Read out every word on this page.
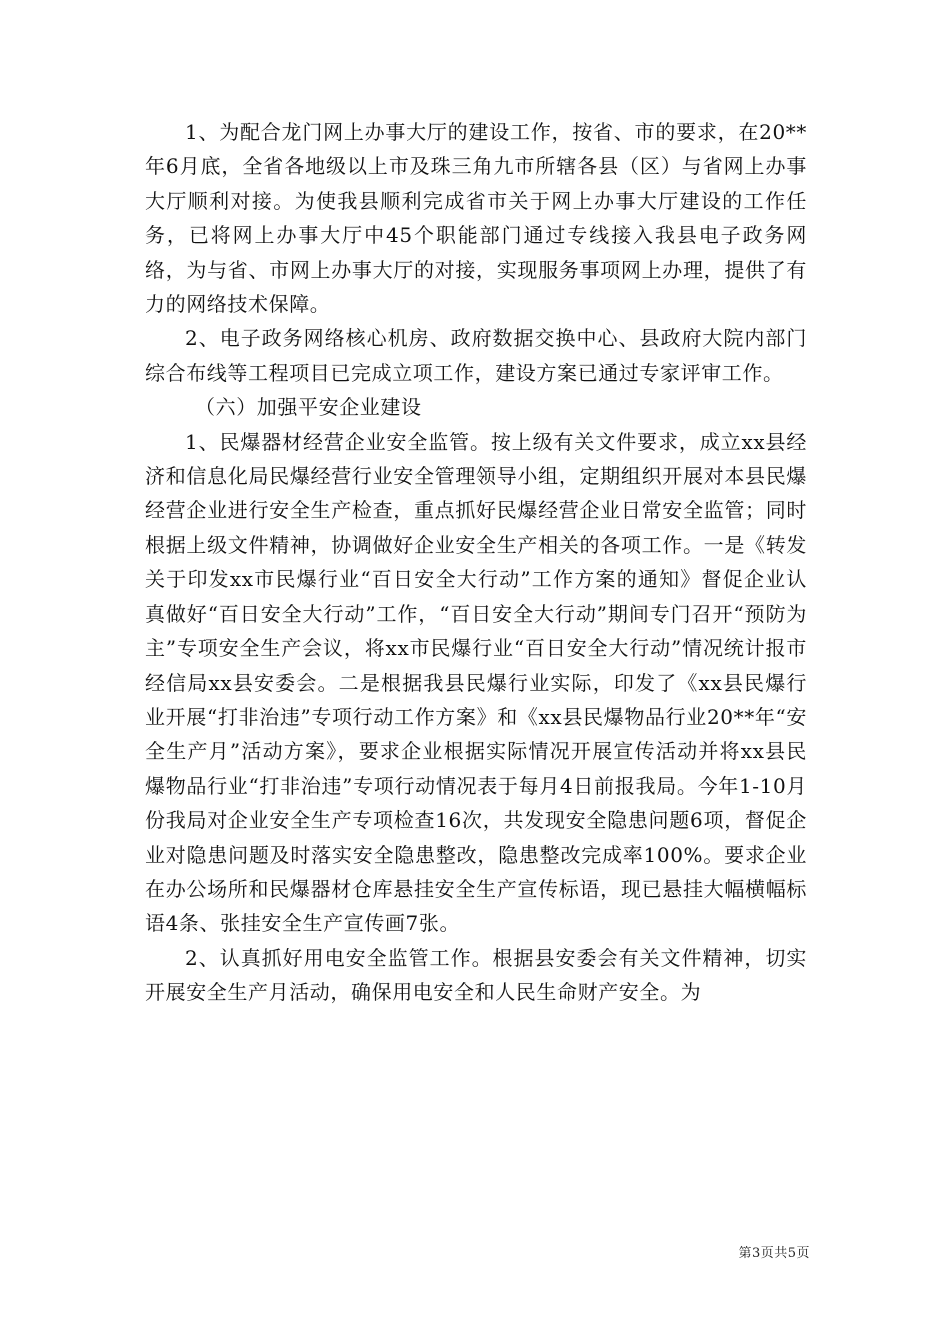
1、为配合龙门网上办事大厅的建设工作，按省、市的要求，在20**年6月底，全省各地级以上市及珠三角九市所辖各县（区）与省网上办事大厅顺利对接。为使我县顺利完成省市关于网上办事大厅建设的工作任务，已将网上办事大厅中45个职能部门通过专线接入我县电子政务网络，为与省、市网上办事大厅的对接，实现服务事项网上办理，提供了有力的网络技术保障。

2、电子政务网络核心机房、政府数据交换中心、县政府大院内部门综合布线等工程项目已完成立项工作，建设方案已通过专家评审工作。

（六）加强平安企业建设

1、民爆器材经营企业安全监管。按上级有关文件要求，成立xx县经济和信息化局民爆经营行业安全管理领导小组，定期组织开展对本县民爆经营企业进行安全生产检查，重点抓好民爆经营企业日常安全监管；同时根据上级文件精神，协调做好企业安全生产相关的各项工作。一是《转发关于印发xx市民爆行业“百日安全大行动”工作方案的通知》督促企业认真做好“百日安全大行动”工作，“百日安全大行动”期间专门召开“预防为主”专项安全生产会议，将xx市民爆行业“百日安全大行动”情况统计报市经信局xx县安委会。二是根据我县民爆行业实际，印发了《xx县民爆行业开展“打非治违”专项行动工作方案》和《xx县民爆物品行业20**年“安全生产月”活动方案》，要求企业根据实际情况开展宣传活动并将xx县民爆物品行业“打非治违”专项行动情况表于每月4日前报我局。今年1-10月份我局对企业安全生产专项检查16次，共发现安全隐患问题6项，督促企业对隐患问题及时落实安全隐患整改，隐患整改完成率100%。要求企业在办公场所和民爆器材仓库悬挂安全生产宣传标语，现已悬挂大幅横幅标语4条、张挂安全生产宣传画7张。

2、认真抓好用电安全监管工作。根据县安委会有关文件精神，切实开展安全生产月活动，确保用电安全和人民生命财产安全。为

第3页共5页
